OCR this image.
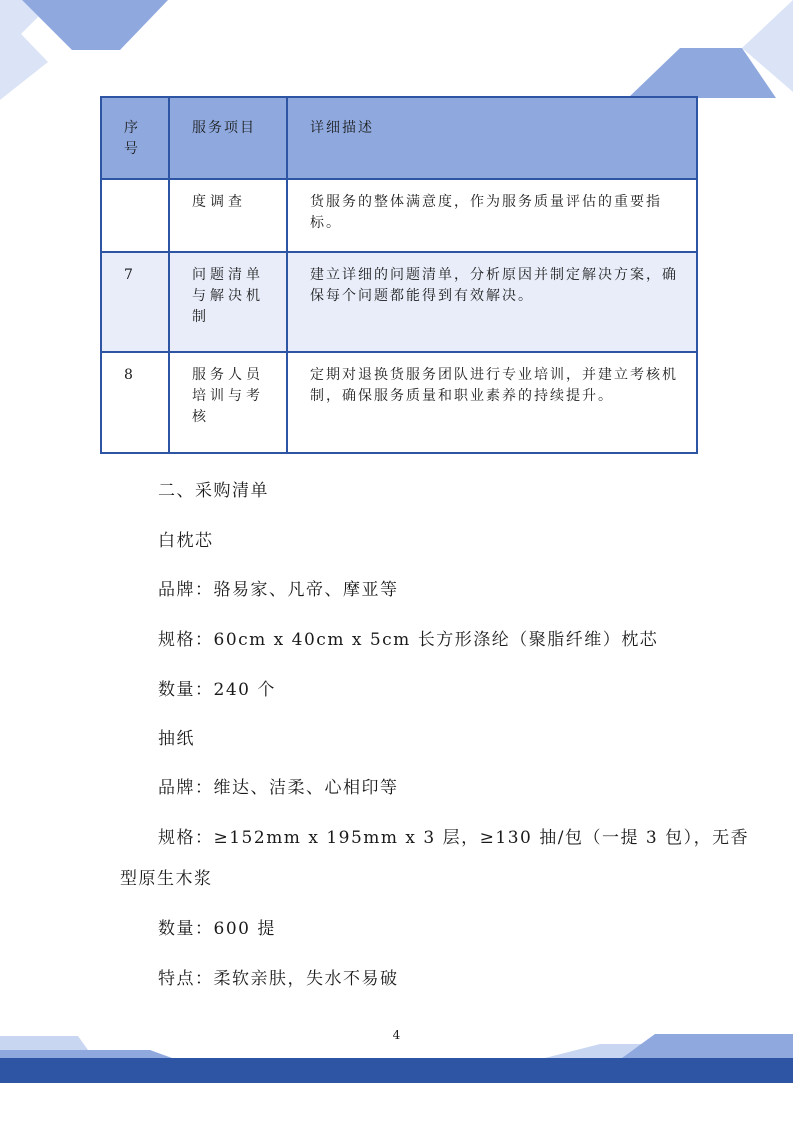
序号	服务项目	详细描述
	度调查	货服务的整体满意度，作为服务质量评估的重要指标。
7	问题清单与解决机制	建立详细的问题清单，分析原因并制定解决方案，确保每个问题都能得到有效解决。
8	服务人员培训与考核	定期对退换货服务团队进行专业培训，并建立考核机制，确保服务质量和职业素养的持续提升。
二、采购清单
白枕芯
品牌：骆易家、凡帝、摩亚等
规格：60cm x 40cm x 5cm 长方形涤纶（聚脂纤维）枕芯
数量：240 个
抽纸
品牌：维达、洁柔、心相印等
规格：≥152mm x 195mm x 3 层，≥130 抽/包（一提 3 包），无香
型原生木浆
数量：600 提
特点：柔软亲肤，失水不易破
4
